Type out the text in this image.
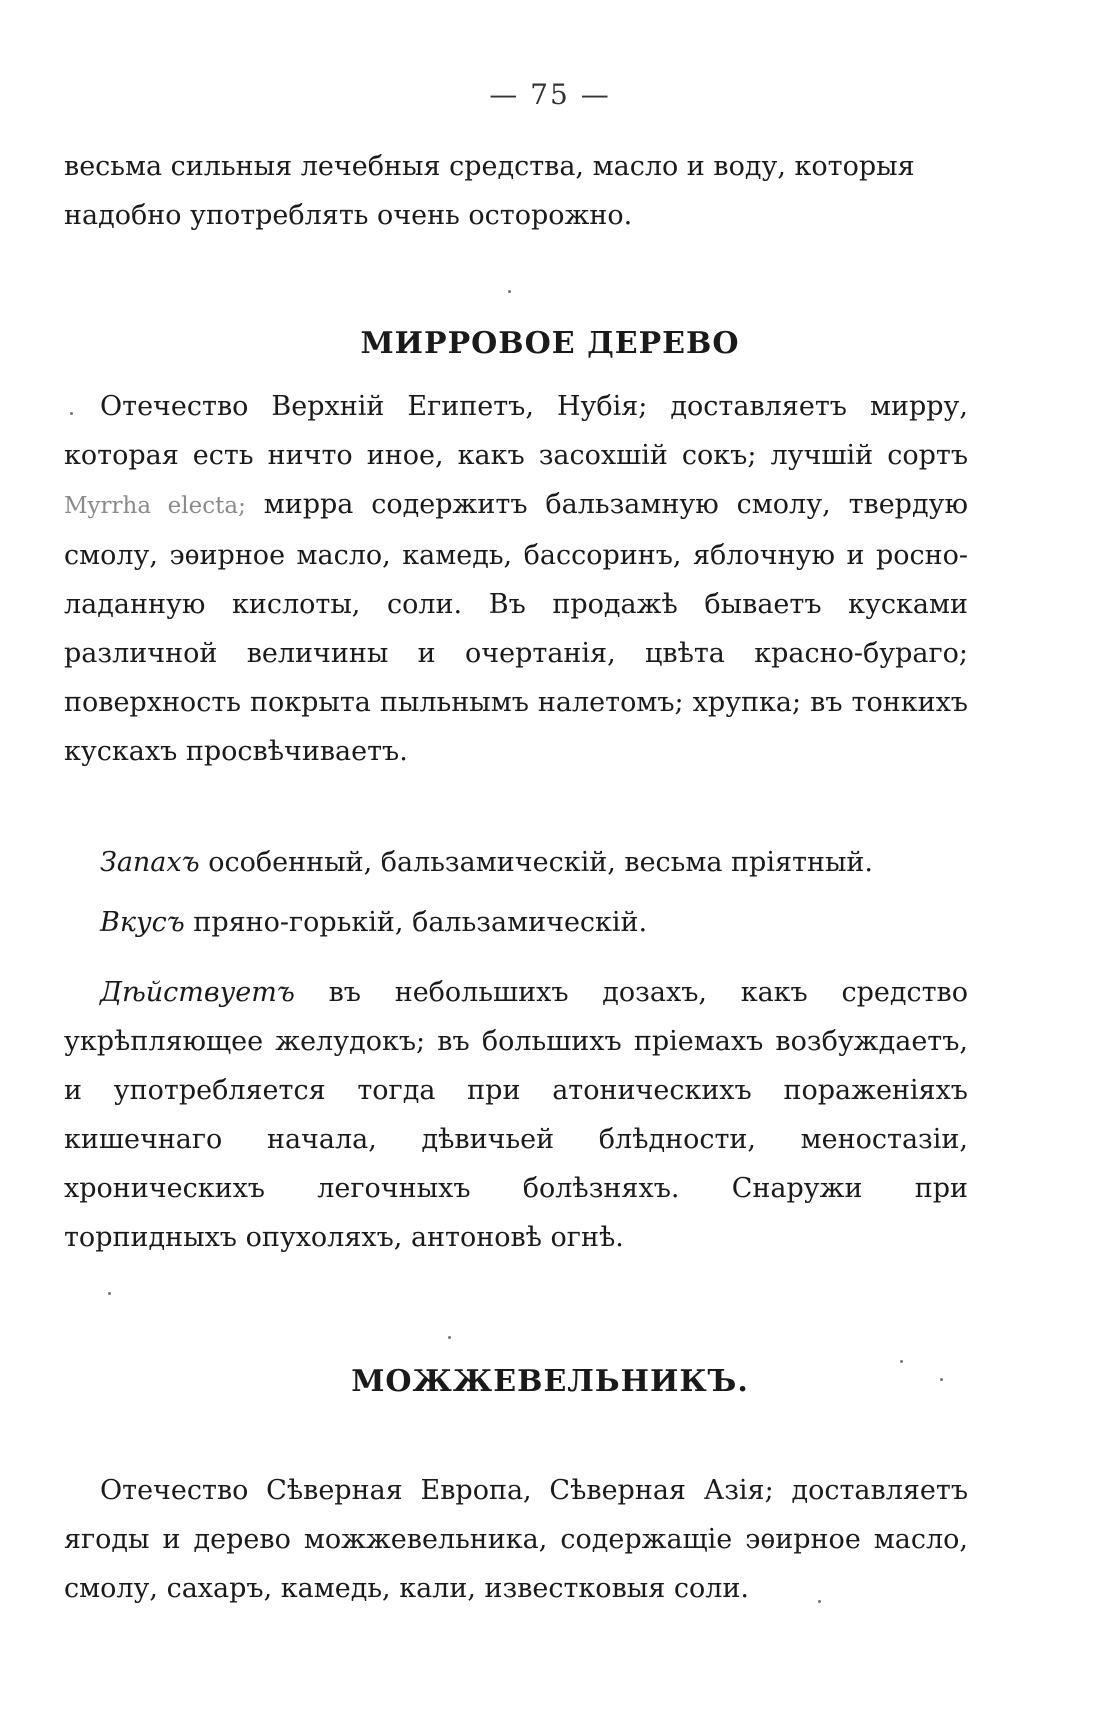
— 75 —

весьма сильныя лечебныя средства, масло и воду, которыя

надобно употреблять очень осторожно.

МИРРОВОЕ ДЕРЕВО

Отечество Верхній Египетъ, Нубія; доставляетъ мирру, которая есть ничто иное, какъ засохшій сокъ; лучшій сортъ Myrrha electa; мирра содержитъ бальзамную смолу, твердую смолу, эѳирное масло, камедь, бассоринъ, яблочную и росно-ладанную кислоты, соли. Въ продажѣ бываетъ кусками различной величины и очертанія, цвѣта красно-бураго; поверхность покрыта пыльнымъ налетомъ; хрупка; въ тонкихъ кускахъ просвѣчиваетъ.

Запахъ особенный, бальзамическій, весьма пріятный.

Вкусъ пряно-горькій, бальзамическій.

Дѣйствуетъ въ небольшихъ дозахъ, какъ средство укрѣпляющее желудокъ; въ большихъ пріемахъ возбуждаетъ, и употребляется тогда при атоническихъ пораженіяхъ кишечнаго начала, дѣвичьей блѣдности, меностазіи, хроническихъ легочныхъ болѣзняхъ. Снаружи при торпидныхъ опухоляхъ, антоновѣ огнѣ.

МОЖЖЕВЕЛЬНИКЪ.

Отечество Сѣверная Европа, Сѣверная Азія; доставляетъ ягоды и дерево можжевельника, содержащіе эѳирное масло, смолу, сахаръ, камедь, кали, известковыя соли.
